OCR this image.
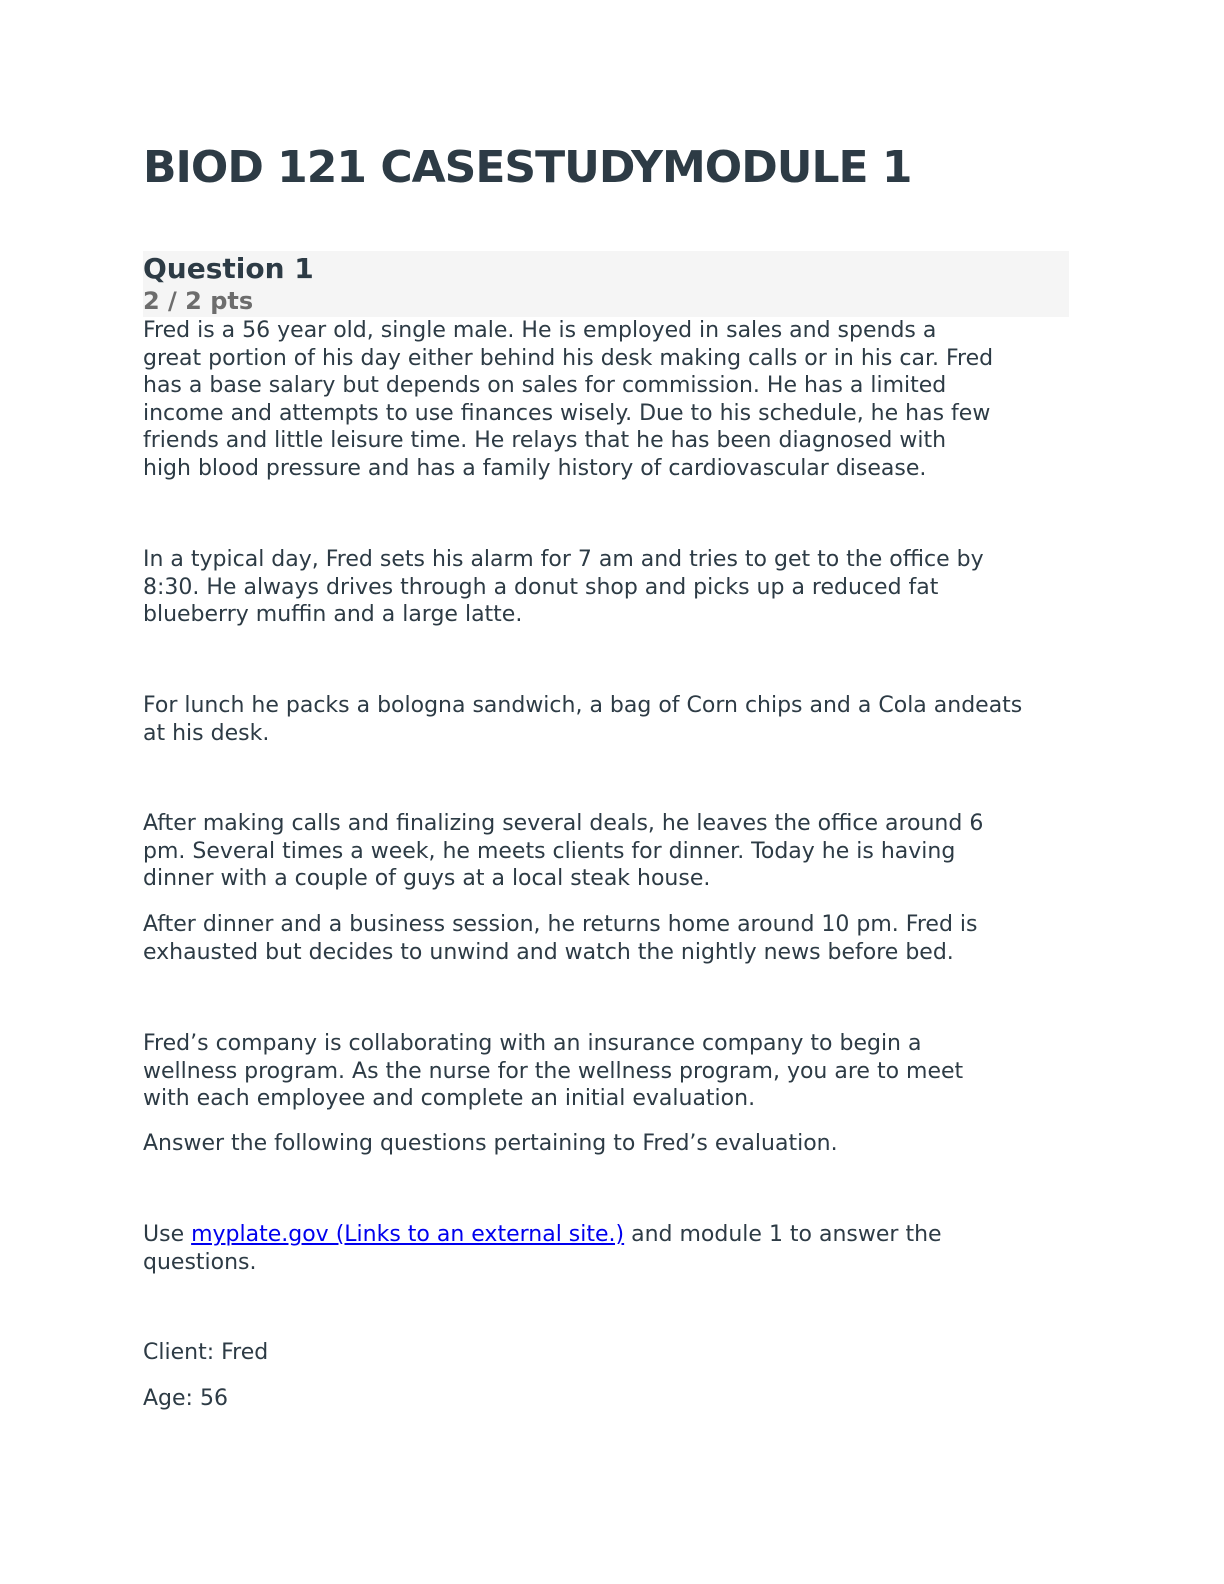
BIOD 121 CASESTUDYMODULE 1
Question 1
2 / 2 pts

Fred is a 56 year old, single male. He is employed in sales and spends a
great portion of his day either behind his desk making calls or in his car. Fred
has a base salary but depends on sales for commission. He has a limited
income and attempts to use finances wisely. Due to his schedule, he has few
friends and little leisure time. He relays that he has been diagnosed with
high blood pressure and has a family history of cardiovascular disease.

In a typical day, Fred sets his alarm for 7 am and tries to get to the office by
8:30. He always drives through a donut shop and picks up a reduced fat
blueberry muffin and a large latte.

For lunch he packs a bologna sandwich, a bag of Corn chips and a Cola andeats
at his desk.

After making calls and finalizing several deals, he leaves the office around 6
pm. Several times a week, he meets clients for dinner. Today he is having
dinner with a couple of guys at a local steak house.

After dinner and a business session, he returns home around 10 pm. Fred is
exhausted but decides to unwind and watch the nightly news before bed.

Fred’s company is collaborating with an insurance company to begin a
wellness program. As the nurse for the wellness program, you are to meet
with each employee and complete an initial evaluation.

Answer the following questions pertaining to Fred’s evaluation.

Use myplate.gov (Links to an external site.) and module 1 to answer the
questions.

Client: Fred

Age: 56
